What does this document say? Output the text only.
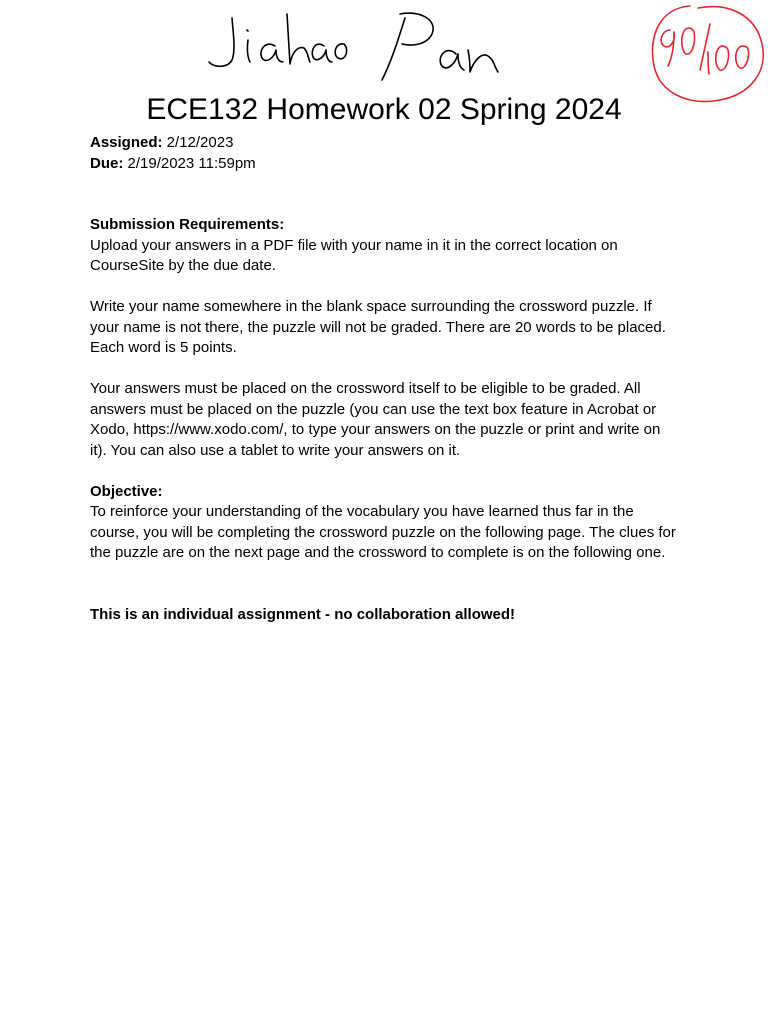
ECE132 Homework 02 Spring 2024

Assigned: 2/12/2023

Due: 2/19/2023 11:59pm

Submission Requirements:

Upload your answers in a PDF file with your name in it in the correct location on CourseSite by the due date.

Write your name somewhere in the blank space surrounding the crossword puzzle. If your name is not there, the puzzle will not be graded. There are 20 words to be placed. Each word is 5 points.

Your answers must be placed on the crossword itself to be eligible to be graded. All answers must be placed on the puzzle (you can use the text box feature in Acrobat or Xodo, https://www.xodo.com/, to type your answers on the puzzle or print and write on it). You can also use a tablet to write your answers on it.

Objective:

To reinforce your understanding of the vocabulary you have learned thus far in the course, you will be completing the crossword puzzle on the following page. The clues for the puzzle are on the next page and the crossword to complete is on the following one.

This is an individual assignment - no collaboration allowed!
